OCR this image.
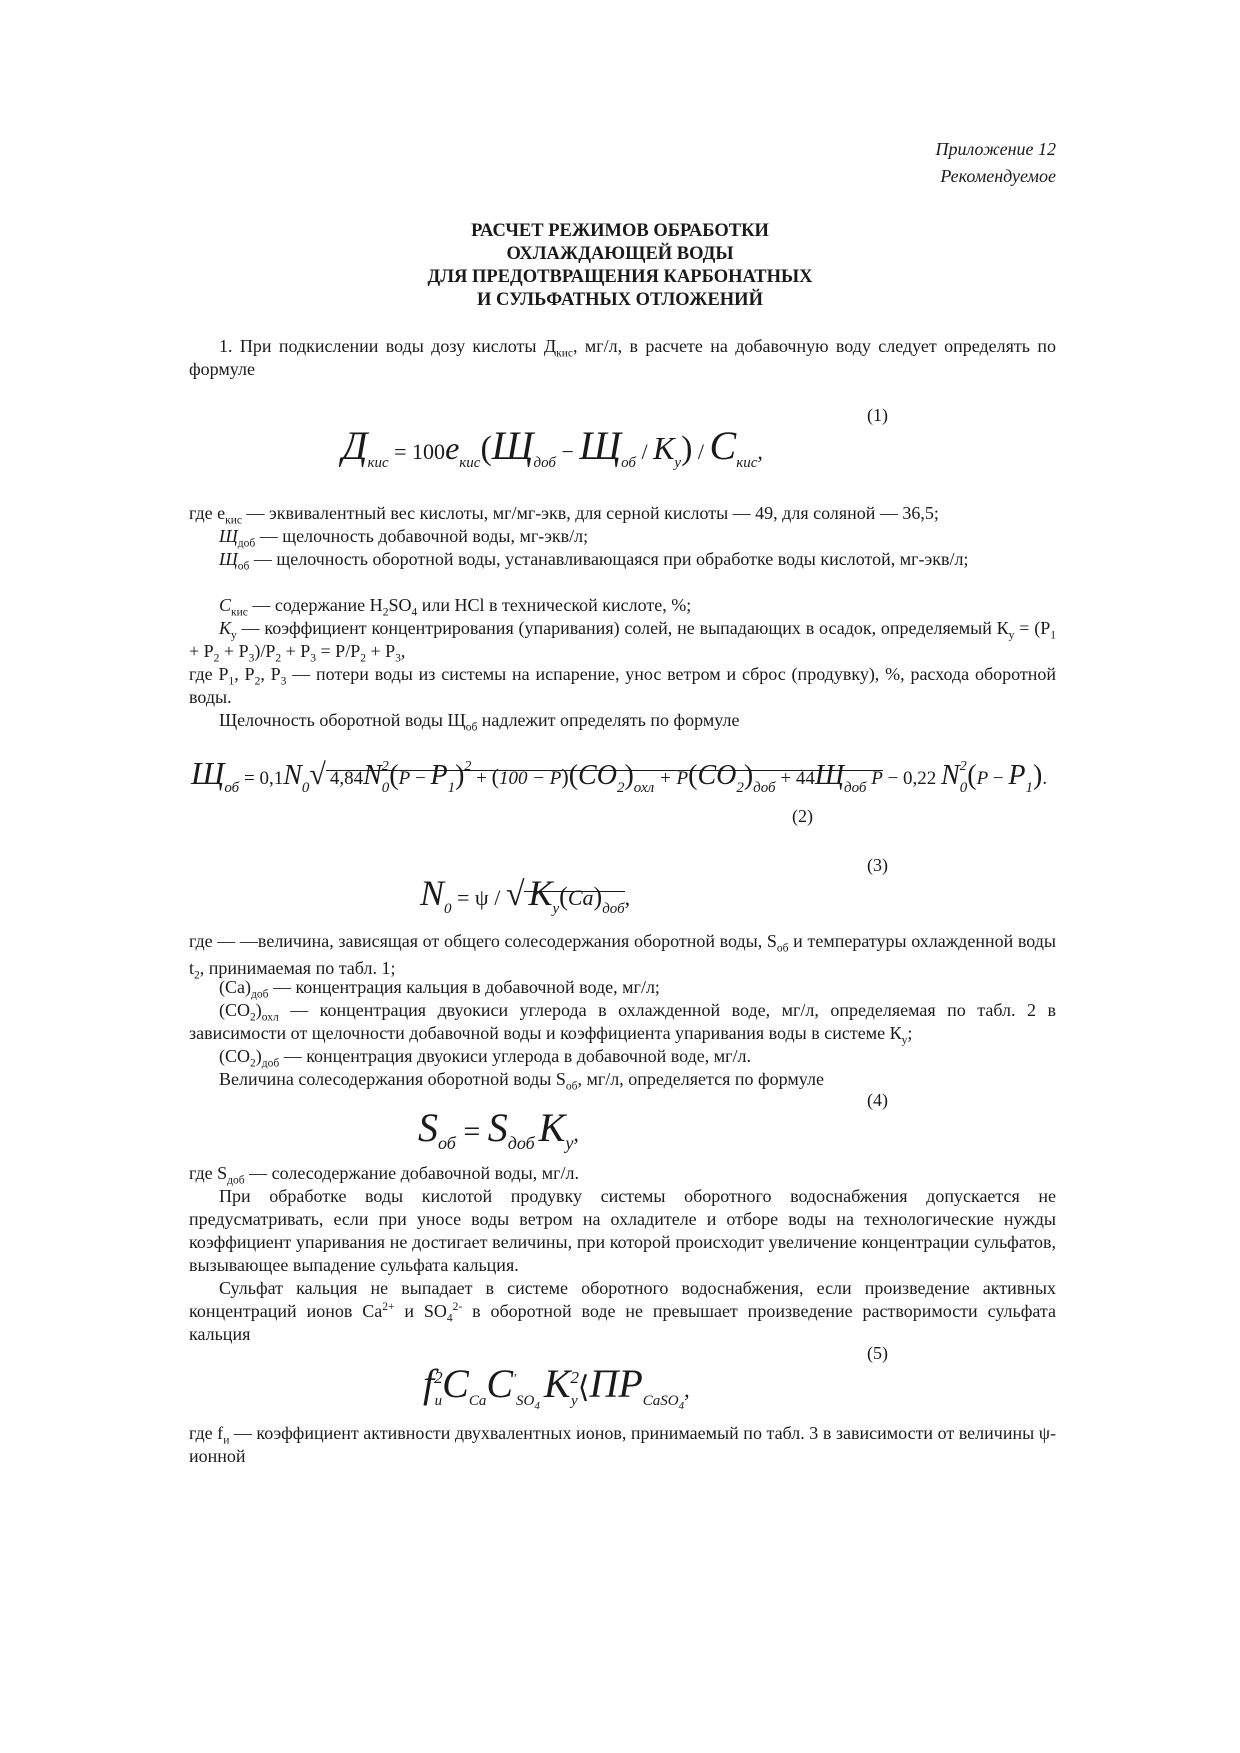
Приложение 12
Рекомендуемое
РАСЧЕТ РЕЖИМОВ ОБРАБОТКИ
ОХЛАЖДАЮЩЕЙ ВОДЫ
ДЛЯ ПРЕДОТВРАЩЕНИЯ КАРБОНАТНЫХ
И СУЛЬФАТНЫХ ОТЛОЖЕНИЙ
1. При подкислении воды дозу кислоты $Д_{кис}$, мг/л, в расчете на добавочную воду следует определять по формуле
(1)
Дкис = 100eкис(Щдоб − Щоб / Kу) / Cкис,
где $e_{кис}$ — эквивалентный вес кислоты, мг/мг-экв, для серной кислоты — 49, для соляной — 36,5;
$Щ_{доб}$ — щелочность добавочной воды, мг-экв/л;
$Щ_{об}$ — щелочность оборотной воды, устанавливающаяся при обработке воды кислотой, мг-экв/л;
$С_{кис}$ — содержание $H_2SO_4$ или HCl в технической кислоте, %;
$К_у$ — коэффициент концентрирования (упаривания) солей, не выпадающих в осадок, определяемый $К_у = (Р_1 + Р_2 + Р_3)/Р_2 + Р_3 = Р/Р_2 + Р_3$,
где $Р_1$, $Р_2$, $Р_3$ — потери воды из системы на испарение, унос ветром и сброс (продувку), %, расхода оборотной воды.
Щелочность оборотной воды $Щ_{об}$ надлежит определять по формуле
Щоб = 0,1N0√ 4,84N20(P − P1)2 + (100 − P)(CO2)охл + P(CO2)доб + 44Щдоб P − 0,22 N20(P − P1).
(2)
(3)
N0 = ψ / √ Kу(Ca)доб,
где — —величина, зависящая от общего солесодержания оборотной воды, $S_{об}$ и температуры охлажденной воды $t_2$, принимаемая по табл. 1;
$(Ca)_{доб}$ — концентрация кальция в добавочной воде, мг/л;
$(CO_2)_{охл}$ — концентрация двуокиси углерода в охлажденной воде, мг/л, определяемая по табл. 2 в зависимости от щелочности добавочной воды и коэффициента упаривания воды в системе $К_у$;
$(CO_2)_{доб}$ — концентрация двуокиси углерода в добавочной воде, мг/л.
Величина солесодержания оборотной воды $S_{об}$, мг/л, определяется по формуле
(4)
Sоб = Sдоб Kу,
где $S_{доб}$ — солесодержание добавочной воды, мг/л.
При обработке воды кислотой продувку системы оборотного водоснабжения допускается не предусматривать, если при уносе воды ветром на охладителе и отборе воды на технологические нужды коэффициент упаривания не достигает величины, при которой происходит увеличение концентрации сульфатов, вызывающее выпадение сульфата кальция.
Сульфат кальция не выпадает в системе оборотного водоснабжения, если произведение активных концентраций ионов $Ca^{2+}$ и $SO_4^{2-}$ в оборотной воде не превышает произведение растворимости сульфата кальция
(5)
$f2иCCaC'SO_4$ K2у⟨ПРCaSO$_4$,
где $f_и$ — коэффициент активности двухвалентных ионов, принимаемый по табл. 3 в зависимости от величины ψ-ионной
